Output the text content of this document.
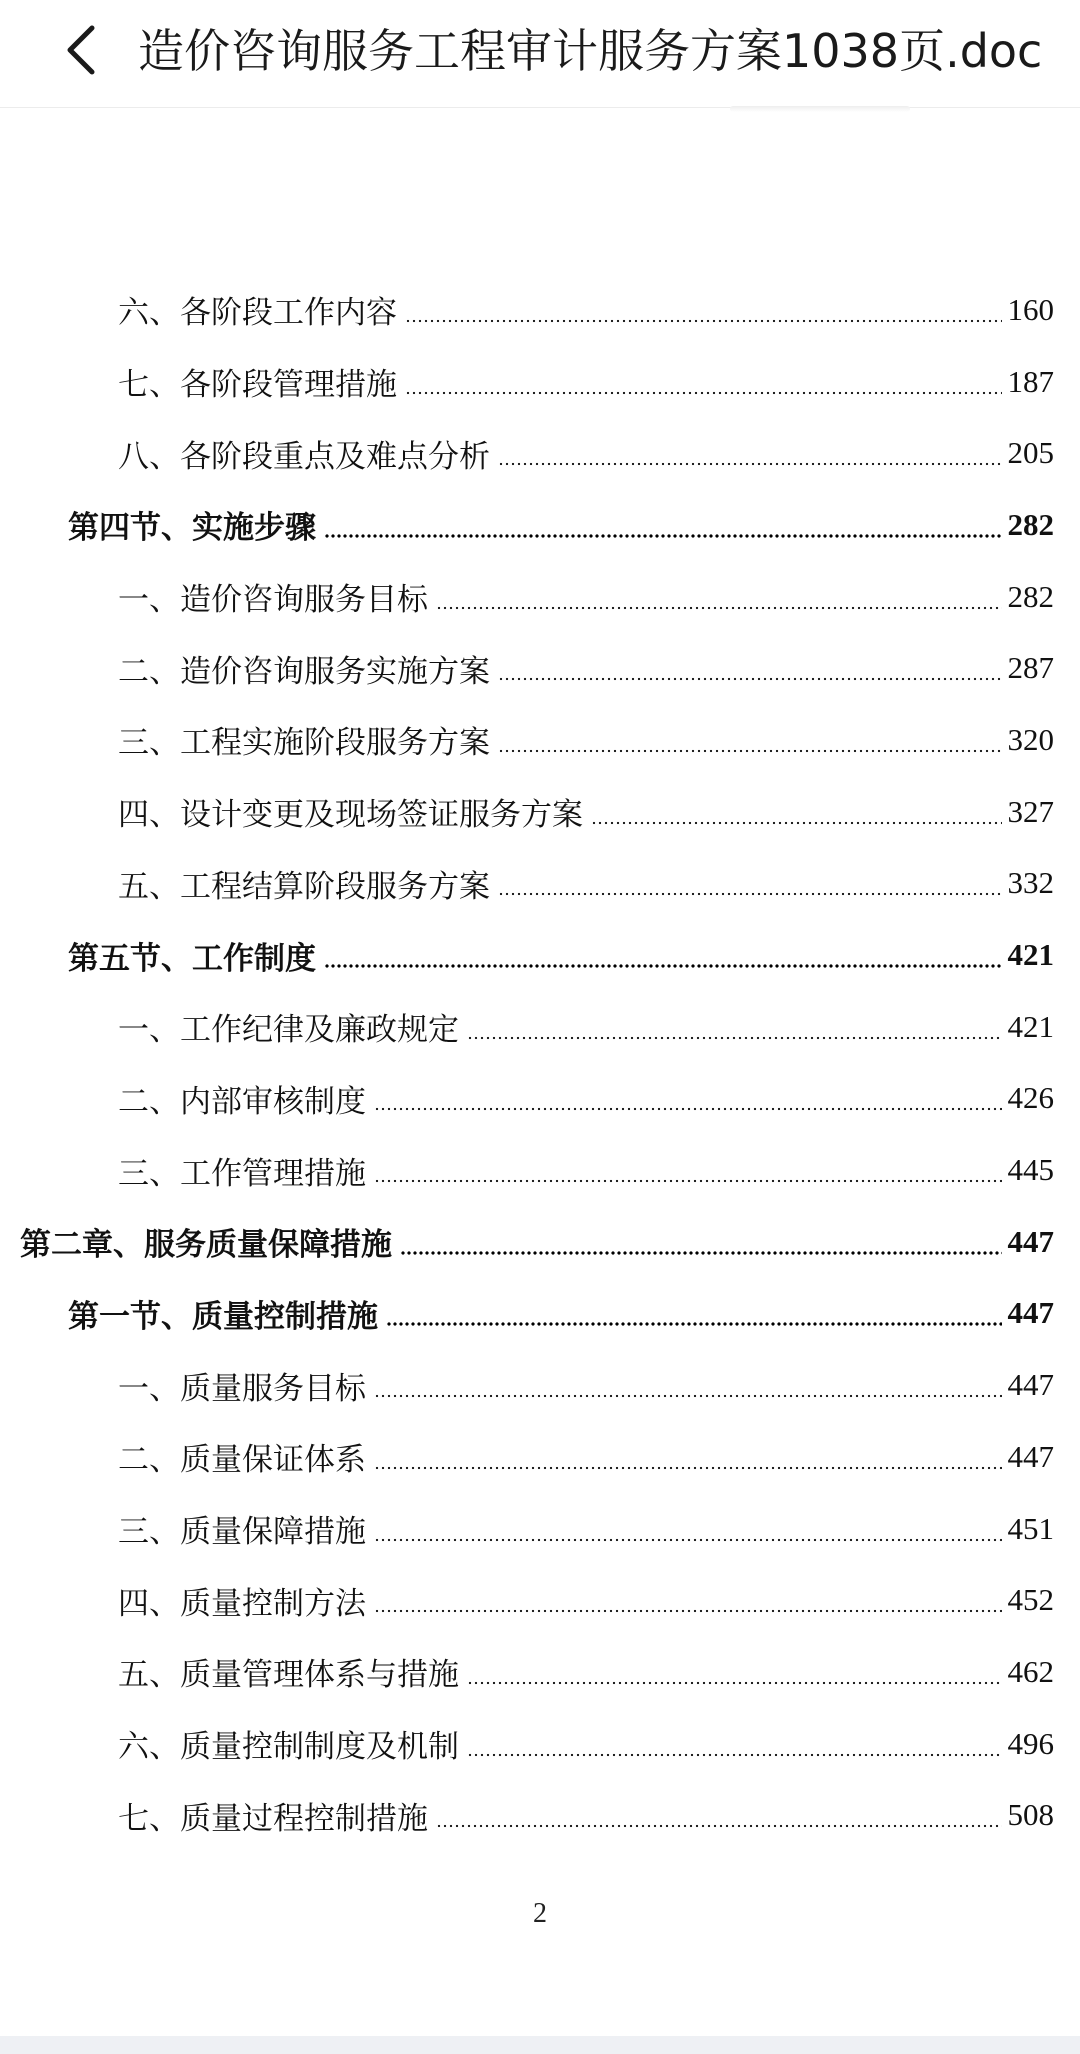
造价咨询服务工程审计服务方案1038页.doc
六、各阶段工作内容	160
七、各阶段管理措施	187
八、各阶段重点及难点分析	205
第四节、实施步骤	282
一、造价咨询服务目标	282
二、造价咨询服务实施方案	287
三、工程实施阶段服务方案	320
四、设计变更及现场签证服务方案	327
五、工程结算阶段服务方案	332
第五节、工作制度	421
一、工作纪律及廉政规定	421
二、内部审核制度	426
三、工作管理措施	445
第二章、服务质量保障措施	447
第一节、质量控制措施	447
一、质量服务目标	447
二、质量保证体系	447
三、质量保障措施	451
四、质量控制方法	452
五、质量管理体系与措施	462
六、质量控制制度及机制	496
七、质量过程控制措施	508
2
